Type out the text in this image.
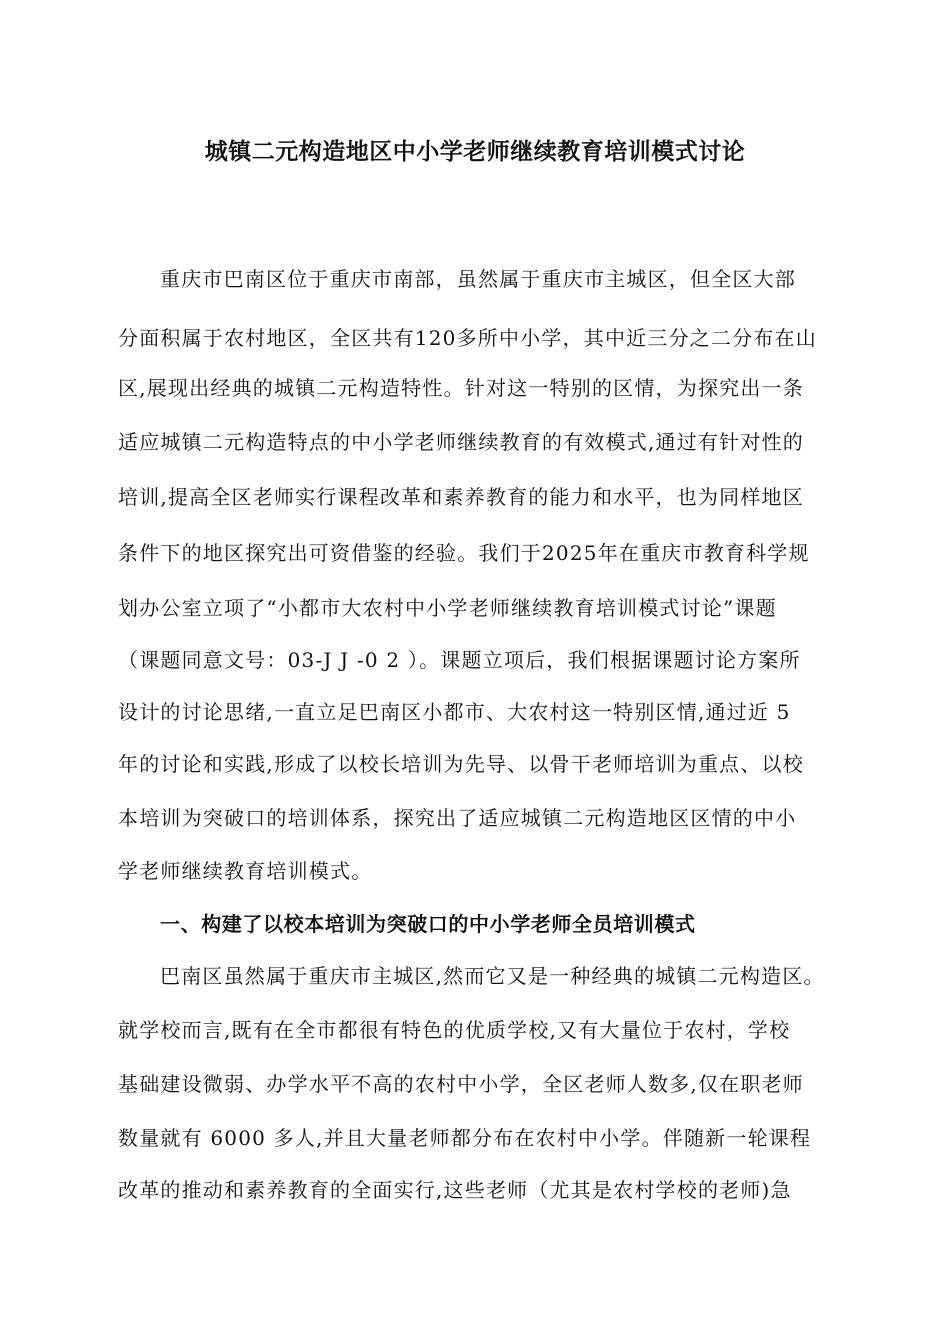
城镇二元构造地区中小学老师继续教育培训模式讨论
重庆市巴南区位于重庆市南部，虽然属于重庆市主城区，但全区大部
分面积属于农村地区，全区共有120多所中小学，其中近三分之二分布在山
区,展现出经典的城镇二元构造特性。针对这一特别的区情，为探究出一条
适应城镇二元构造特点的中小学老师继续教育的有效模式,通过有针对性的
培训,提高全区老师实行课程改革和素养教育的能力和水平，也为同样地区
条件下的地区探究出可资借鉴的经验。我们于2025年在重庆市教育科学规
划办公室立项了“小都市大农村中小学老师继续教育培训模式讨论”课题
（课题同意文号：03-J J -0 2 ）。课题立项后，我们根据课题讨论方案所
设计的讨论思绪,一直立足巴南区小都市、大农村这一特别区情,通过近 5
年的讨论和实践,形成了以校长培训为先导、以骨干老师培训为重点、以校
本培训为突破口的培训体系，探究出了适应城镇二元构造地区区情的中小
学老师继续教育培训模式。
一、构建了以校本培训为突破口的中小学老师全员培训模式
巴南区虽然属于重庆市主城区,然而它又是一种经典的城镇二元构造区。
就学校而言,既有在全市都很有特色的优质学校,又有大量位于农村，学校
基础建设微弱、办学水平不高的农村中小学，全区老师人数多,仅在职老师
数量就有 6000 多人,并且大量老师都分布在农村中小学。伴随新一轮课程
改革的推动和素养教育的全面实行,这些老师（尤其是农村学校的老师)急
